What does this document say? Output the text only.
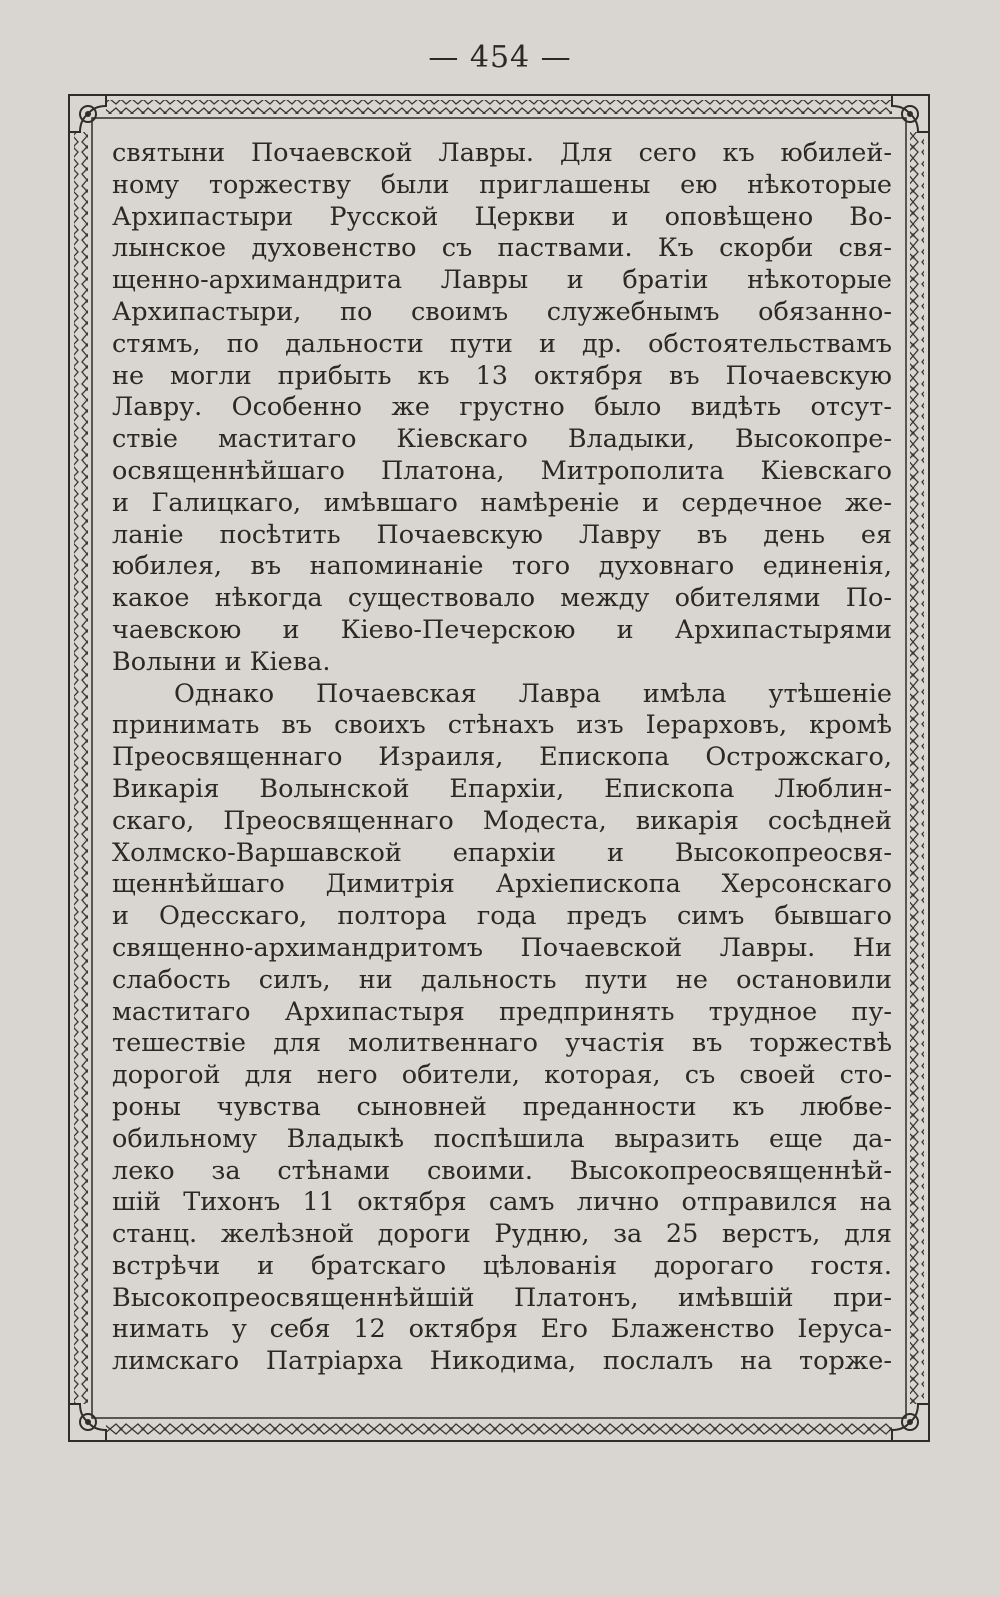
— 454 —

святыни Почаевской Лавры. Для сего къ юбилей-
ному торжеству были приглашены ею нѣкоторые
Архипастыри Русской Церкви и оповѣщено Во-
лынское духовенство съ паствами. Къ скорби свя-
щенно-архимандрита Лавры и братіи нѣкоторые
Архипастыри, по своимъ служебнымъ обязанно-
стямъ, по дальности пути и др. обстоятельствамъ
не могли прибыть къ 13 октября въ Почаевскую
Лавру. Особенно же грустно было видѣть отсут-
ствіе маститаго Кіевскаго Владыки, Высокопре-
освященнѣйшаго Платона, Митрополита Кіевскаго
и Галицкаго, имѣвшаго намѣреніе и сердечное же-
ланіе посѣтить Почаевскую Лавру въ день ея
юбилея, въ напоминаніе того духовнаго единенія,
какое нѣкогда существовало между обителями По-
чаевскою и Кіево-Печерскою и Архипастырями
Волыни и Кіева.

Однако Почаевская Лавра имѣла утѣшеніе
принимать въ своихъ стѣнахъ изъ Іерарховъ, кромѣ
Преосвященнаго Израиля, Епископа Острожскаго,
Викарія Волынской Епархіи, Епископа Люблин-
скаго, Преосвященнаго Модеста, викарія сосѣдней
Холмско-Варшавской епархіи и Высокопреосвя-
щеннѣйшаго Димитрія Архіепископа Херсонскаго
и Одесскаго, полтора года предъ симъ бывшаго
священно-архимандритомъ Почаевской Лавры. Ни
слабость силъ, ни дальность пути не остановили
маститаго Архипастыря предпринять трудное пу-
тешествіе для молитвеннаго участія въ торжествѣ
дорогой для него обители, которая, съ своей сто-
роны чувства сыновней преданности къ любве-
обильному Владыкѣ поспѣшила выразить еще да-
леко за стѣнами своими. Высокопреосвященнѣй-
шій Тихонъ 11 октября самъ лично отправился на
станц. желѣзной дороги Рудню, за 25 верстъ, для
встрѣчи и братскаго цѣлованія дорогаго гостя.
Высокопреосвященнѣйшій Платонъ, имѣвшій при-
нимать у себя 12 октября Его Блаженство Іеруса-
лимскаго Патріарха Никодима, послалъ на торже-
